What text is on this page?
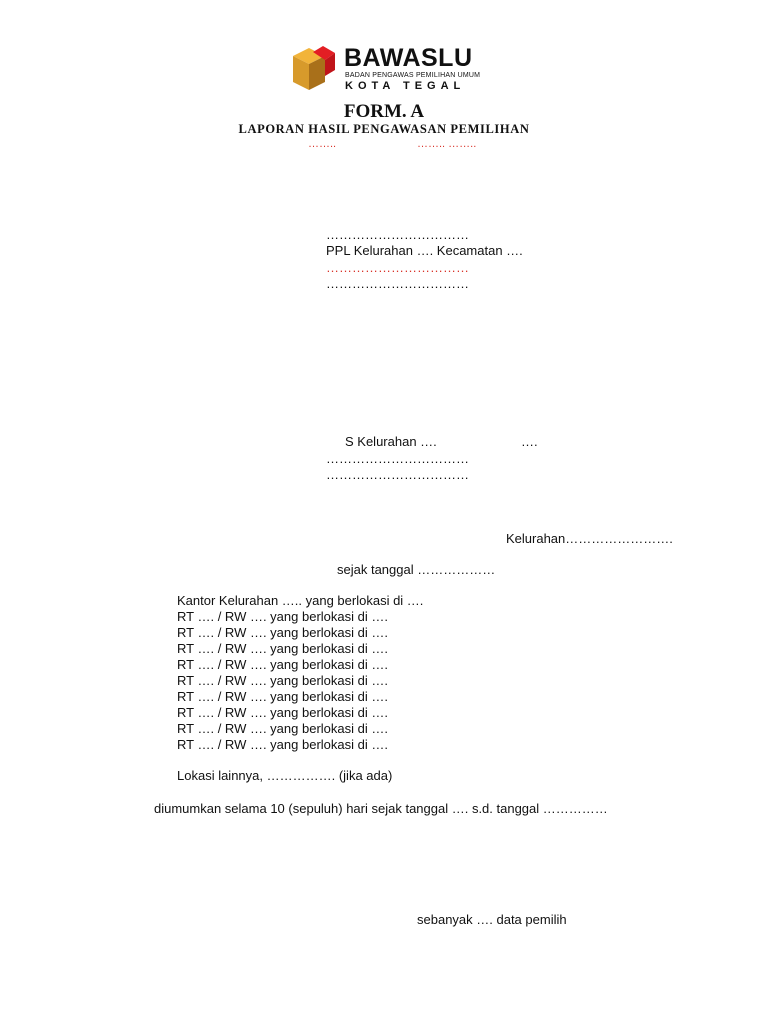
BAWASLU
BADAN PENGAWAS PEMILIHAN UMUM
KOTA TEGAL
FORM. A
LAPORAN HASIL PENGAWASAN PEMILIHAN
……..	…….. ……..
……………………………
PPL Kelurahan …. Kecamatan ….
……………………………
……………………………
S Kelurahan ….	….
……………………………
……………………………
Kelurahan…………………….
sejak tanggal ………………
Kantor Kelurahan ….. yang berlokasi di ….
RT …. / RW …. yang berlokasi di ….
RT …. / RW …. yang berlokasi di ….
RT …. / RW …. yang berlokasi di ….
RT …. / RW …. yang berlokasi di ….
RT …. / RW …. yang berlokasi di ….
RT …. / RW …. yang berlokasi di ….
RT …. / RW …. yang berlokasi di ….
RT …. / RW …. yang berlokasi di ….
RT …. / RW …. yang berlokasi di ….
Lokasi lainnya, ……………. (jika ada)
diumumkan selama 10 (sepuluh) hari sejak tanggal …. s.d. tanggal ……………
sebanyak …. data pemilih
